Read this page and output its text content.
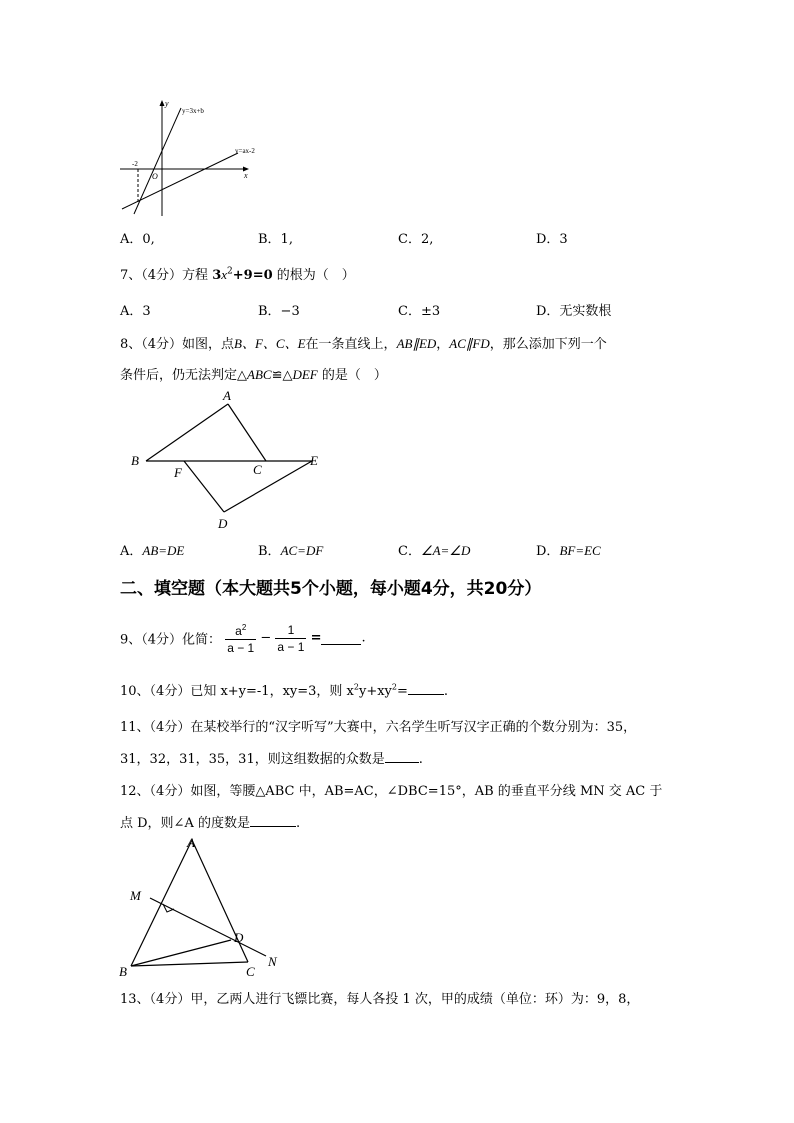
y
x
O
y=3x+b
y=ax-2
-2
A．0,	B．1,	C．2,	D．3
7、（4分）方程 $3x^2+9=0$ 的根为（　）
A．3	B．−3	C．±3	D．无实数根
8、（4分）如图，点B、F、C、E在一条直线上，AB∥ED，AC∥FD，那么添加下列一个
条件后，仍无法判定△ABC≌△DEF 的是（　）
A
B
F	C
E
D
A．AB=DE	B．AC=DF	C．∠A=∠D	D．BF=EC
二、填空题（本大题共5个小题，每小题4分，共20分）
9、（4分）化简： $\frac{a^2}{a - 1} - \frac{1}{a - 1}$ =	.
10、（4分）已知 x+y=-1，xy=3，则 $x^2y+xy^2=$	.
11、（4分）在某校举行的“汉字听写”大赛中，六名学生听写汉字正确的个数分别为：35，
31，32，31，35，31，则这组数据的众数是	.
12、（4分）如图，等腰△ABC 中，AB=AC，∠DBC=15°，AB 的垂直平分线 MN 交 AC 于
点 D，则∠A 的度数是	.
A
M
D
N
B	C
13、（4分）甲，乙两人进行飞镖比赛，每人各投 1 次，甲的成绩（单位：环）为：9，8，
